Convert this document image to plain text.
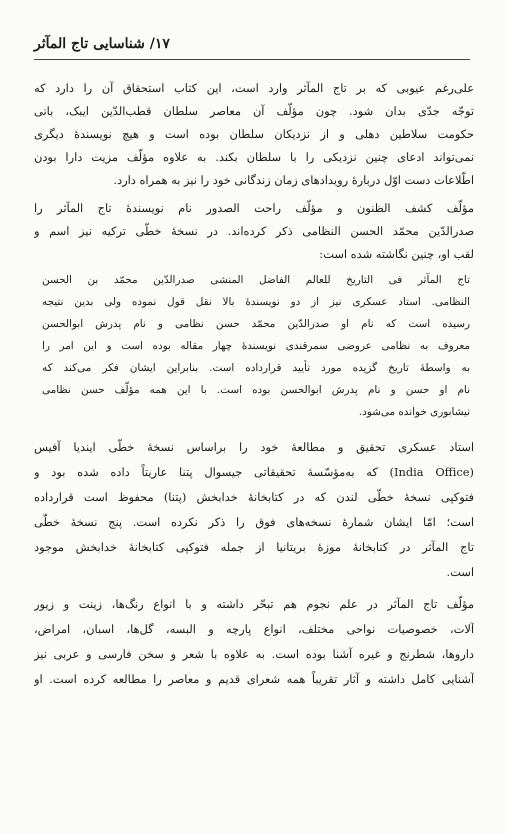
۱۷/ شناسایی تاج المآثر
علی‌رغم عیوبی که بر تاج المآثر وارد است، این کتاب استحقاق آن را دارد که
توجّه جدّی بدان شود. چون مؤلّف آن معاصر سلطان قطب‌الدّین ایبک، بانی
حکومت سلاطین دهلی و از نزدیکان سلطان بوده است و هیچ نویسندهٔ دیگری
نمی‌تواند ادعای چنین نزدیکی را با سلطان بکند. به علاوه مؤلّف مزیت دارا بودن
اطّلاعات دست اوّل دربارهٔ رویدادهای زمان زندگانی خود را نیز به همراه دارد.
مؤلّف کشف الظنون و مؤلّف راحت الصدور نام نویسندهٔ تاج المآثر را
صدرالدّین محمّد الحسن النظامی ذکر کرده‌اند. در نسخهٔ خطّی ترکیه نیز اسم و
لقب او، چنین نگاشته شده است:
تاج المآثر فی التاریخ للعالم الفاضل المنشی صدرالدّین محمّد بن الحسن
النظامی. استاد عسکری نیز از دو نویسندهٔ بالا نقل قول نموده ولی بدین نتیجه
رسیده است که نام او صدرالدّین محمّد حسن نظامی و نام پدرش ابوالحسن
معروف به نظامی عروضی سمرقندی نویسندهٔ چهار مقاله بوده است و این امر را
به واسطهٔ تاریخ گزیده مورد تأیید قرارداده است. بنابراین ایشان فکر می‌کند که
نام او حسن و نام پدرش ابوالحسن بوده است. با این همه مؤلّف حسن نظامی
نیشابوری خوانده می‌شود.
استاد عسکری تحقیق و مطالعهٔ خود را براساس نسخهٔ خطّی ایندیا آفیس
(India Office) که به‌مؤسّسهٔ تحقیقاتی جیسوال پتنا عاریتاً داده شده بود و
فتوکپی نسخهٔ خطّی لندن که در کتابخانهٔ خدابخش (پتنا) محفوظ است قرارداده
است؛ امّا ایشان شمارهٔ نسخه‌های فوق را ذکر نکرده است. پنج نسخهٔ خطّی
تاج المآثر در کتابخانهٔ موزهٔ بریتانیا از جمله فتوکپی کتابخانهٔ خدابخش موجود
است.
مؤلّف تاج المآثر در علم نجوم هم تبحّر داشته و با انواع رنگ‌ها، زینت و زیور
آلات، خصوصیات نواحی مختلف، انواع پارچه و البسه، گل‌ها، اسبان، امراض،
داروها، شطرنج و غیره آشنا بوده است. به علاوه با شعر و سخن فارسی و عربی نیز
آشنایی کامل داشته و آثار تقریباً همه شعرای قدیم و معاصر را مطالعه کرده است. او
